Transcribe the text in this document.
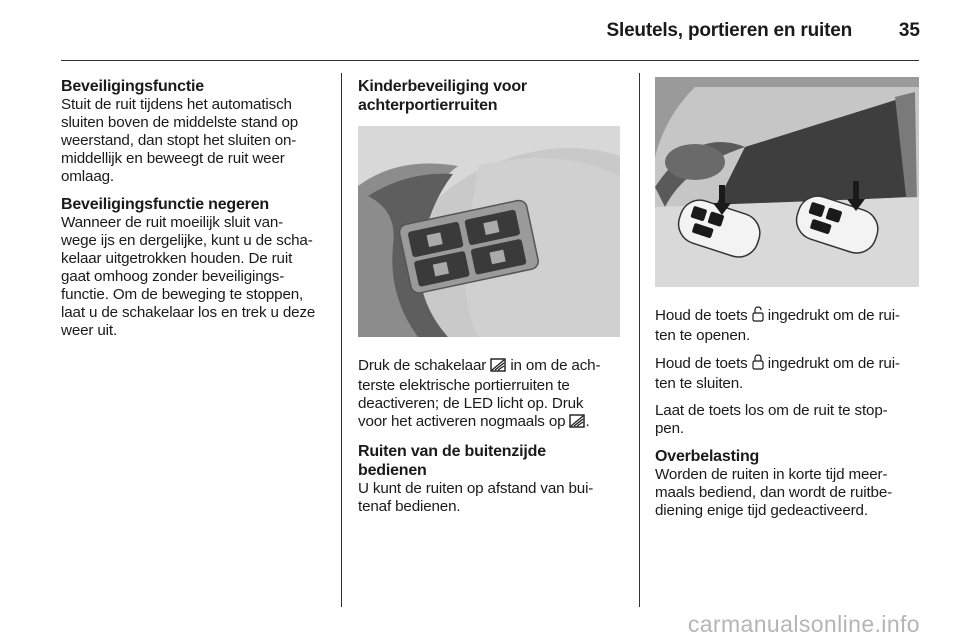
Sleutels, portieren en ruiten	35
Beveiligingsfunctie

Stuit de ruit tijdens het automatisch
sluiten boven de middelste stand op
weerstand, dan stopt het sluiten on-
middellijk en beweegt de ruit weer
omlaag.

Beveiligingsfunctie negeren

Wanneer de ruit moeilijk sluit van-
wege ijs en dergelijke, kunt u de scha-
kelaar uitgetrokken houden. De ruit
gaat omhoog zonder beveiligings-
functie. Om de beweging te stoppen,
laat u de schakelaar los en trek u deze
weer uit.

Kinderbeveiliging voor
achterportierruiten

Druk de schakelaar in om de ach-
terste elektrische portierruiten te
deactiveren; de LED licht op. Druk
voor het activeren nogmaals op .

Ruiten van de buitenzijde
bedienen

U kunt de ruiten op afstand van bui-
tenaf bedienen.

Houd de toets ingedrukt om de rui-
ten te openen.

Houd de toets ingedrukt om de rui-
ten te sluiten.

Laat de toets los om de ruit te stop-
pen.

Overbelasting

Worden de ruiten in korte tijd meer-
maals bediend, dan wordt de ruitbe-
diening enige tijd gedeactiveerd.

carmanualsonline.info
